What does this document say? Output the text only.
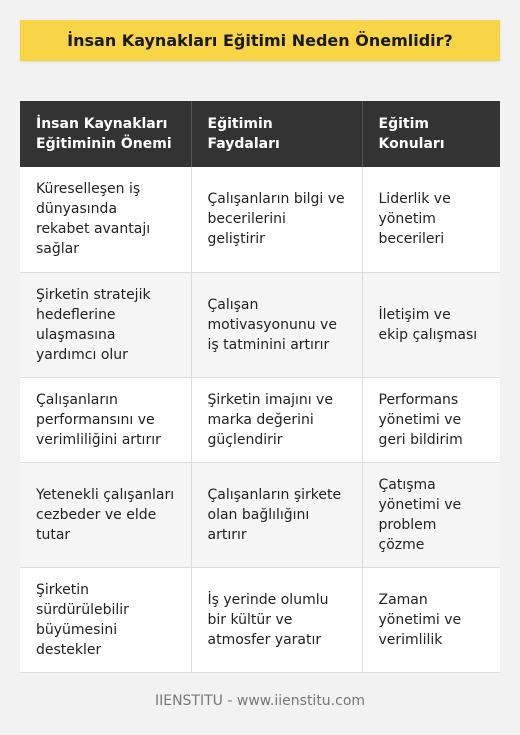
İnsan Kaynakları Eğitimi Neden Önemlidir?
İnsan Kaynakları Eğitiminin Önemi	Eğitimin Faydaları	Eğitim Konuları
Küreselleşen iş dünyasında rekabet avantajı sağlar	Çalışanların bilgi ve becerilerini geliştirir	Liderlik ve yönetim becerileri
Şirketin stratejik hedeflerine ulaşmasına yardımcı olur	Çalışan motivasyonunu ve iş tatminini artırır	İletişim ve ekip çalışması
Çalışanların performansını ve verimliliğini artırır	Şirketin imajını ve marka değerini güçlendirir	Performans yönetimi ve geri bildirim
Yetenekli çalışanları cezbeder ve elde tutar	Çalışanların şirkete olan bağlılığını artırır	Çatışma yönetimi ve problem çözme
Şirketin sürdürülebilir büyümesini destekler	İş yerinde olumlu bir kültür ve atmosfer yaratır	Zaman yönetimi ve verimlilik
IIENSTITU - www.iienstitu.com
